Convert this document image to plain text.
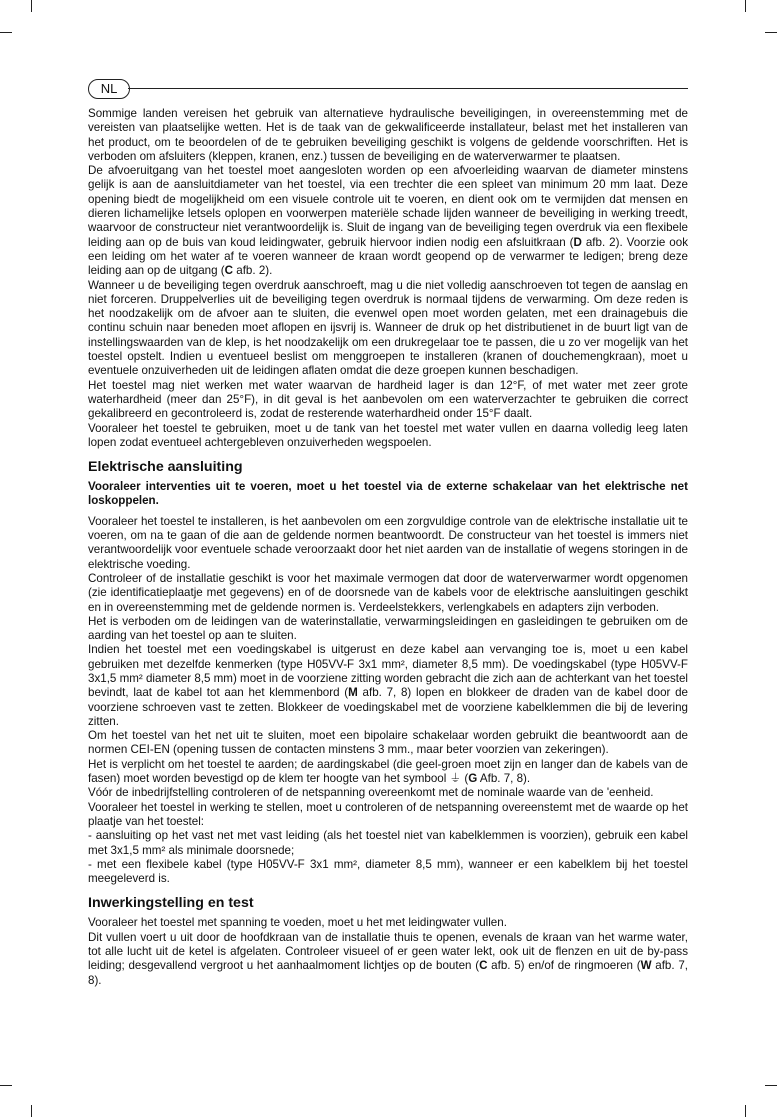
NL

Sommige landen vereisen het gebruik van alternatieve hydraulische beveiligingen, in overeenstemming met de vereisten van plaatselijke wetten. Het is de taak van de gekwalificeerde installateur, belast met het installeren van het product, om te beoordelen of de te gebruiken beveiliging geschikt is volgens de geldende voorschriften. Het is verboden om afsluiters (kleppen, kranen, enz.) tussen de beveiliging en de waterverwarmer te plaatsen.

De afvoeruitgang van het toestel moet aangesloten worden op een afvoerleiding waarvan de diameter minstens gelijk is aan de aansluitdiameter van het toestel, via een trechter die een spleet van minimum 20 mm laat. Deze opening biedt de mogelijkheid om een visuele controle uit te voeren, en dient ook om te vermijden dat mensen en dieren lichamelijke letsels oplopen en voorwerpen materiële schade lijden wanneer de beveiliging in werking treedt, waarvoor de constructeur niet verantwoordelijk is. Sluit de ingang van de beveiliging tegen overdruk via een flexibele leiding aan op de buis van koud leidingwater, gebruik hiervoor indien nodig een afsluitkraan (D afb. 2). Voorzie ook een leiding om het water af te voeren wanneer de kraan wordt geopend op de verwarmer te ledigen; breng deze leiding aan op de uitgang (C afb. 2).

Wanneer u de beveiliging tegen overdruk aanschroeft, mag u die niet volledig aanschroeven tot tegen de aanslag en niet forceren. Druppelverlies uit de beveiliging tegen overdruk is normaal tijdens de verwarming. Om deze reden is het noodzakelijk om de afvoer aan te sluiten, die evenwel open moet worden gelaten, met een drainagebuis die continu schuin naar beneden moet aflopen en ijsvrij is. Wanneer de druk op het distributienet in de buurt ligt van de instellingswaarden van de klep, is het noodzakelijk om een drukregelaar toe te passen, die u zo ver mogelijk van het toestel opstelt. Indien u eventueel beslist om menggroepen te installeren (kranen of douchemengkraan), moet u eventuele onzuiverheden uit de leidingen aflaten omdat die deze groepen kunnen beschadigen.

Het toestel mag niet werken met water waarvan de hardheid lager is dan 12°F, of met water met zeer grote waterhardheid (meer dan 25°F), in dit geval is het aanbevolen om een waterverzachter te gebruiken die correct gekalibreerd en gecontroleerd is, zodat de resterende waterhardheid onder 15°F daalt.

Vooraleer het toestel te gebruiken, moet u de tank van het toestel met water vullen en daarna volledig leeg laten lopen zodat eventueel achtergebleven onzuiverheden wegspoelen.

Elektrische aansluiting

Vooraleer interventies uit te voeren, moet u het toestel via de externe schakelaar van het elektrische net loskoppelen.

Vooraleer het toestel te installeren, is het aanbevolen om een zorgvuldige controle van de elektrische installatie uit te voeren, om na te gaan of die aan de geldende normen beantwoordt. De constructeur van het toestel is immers niet verantwoordelijk voor eventuele schade veroorzaakt door het niet aarden van de installatie of wegens storingen in de elektrische voeding.

Controleer of de installatie geschikt is voor het maximale vermogen dat door de waterverwarmer wordt opgenomen (zie identificatieplaatje met gegevens) en of de doorsnede van de kabels voor de elektrische aansluitingen geschikt en in overeenstemming met de geldende normen is. Verdeelstekkers, verlengkabels en adapters zijn verboden.

Het is verboden om de leidingen van de waterinstallatie, verwarmingsleidingen en gasleidingen te gebruiken om de aarding van het toestel op aan te sluiten.

Indien het toestel met een voedingskabel is uitgerust en deze kabel aan vervanging toe is, moet u een kabel gebruiken met dezelfde kenmerken (type H05VV-F 3x1 mm², diameter 8,5 mm). De voedingskabel (type H05VV-F 3x1,5 mm² diameter 8,5 mm) moet in de voorziene zitting worden gebracht die zich aan de achterkant van het toestel bevindt, laat de kabel tot aan het klemmenbord (M afb. 7, 8) lopen en blokkeer de draden van de kabel door de voorziene schroeven vast te zetten. Blokkeer de voedingskabel met de voorziene kabelklemmen die bij de levering zitten.

Om het toestel van het net uit te sluiten, moet een bipolaire schakelaar worden gebruikt die beantwoordt aan de normen CEI-EN (opening tussen de contacten minstens 3 mm., maar beter voorzien van zekeringen).

Het is verplicht om het toestel te aarden; de aardingskabel (die geel-groen moet zijn en langer dan de kabels van de fasen) moet worden bevestigd op de klem ter hoogte van het symbool ⏚ (G Afb. 7, 8).

Vóór de inbedrijfstelling controleren of de netspanning overeenkomt met de nominale waarde van de 'eenheid.

Vooraleer het toestel in werking te stellen, moet u controleren of de netspanning overeenstemt met de waarde op het plaatje van het toestel:

- aansluiting op het vast net met vast leiding (als het toestel niet van kabelklemmen is voorzien), gebruik een kabel met 3x1,5 mm² als minimale doorsnede;

- met een flexibele kabel (type H05VV-F 3x1 mm², diameter 8,5 mm), wanneer er een kabelklem bij het toestel meegeleverd is.

Inwerkingstelling en test

Vooraleer het toestel met spanning te voeden, moet u het met leidingwater vullen.

Dit vullen voert u uit door de hoofdkraan van de installatie thuis te openen, evenals de kraan van het warme water, tot alle lucht uit de ketel is afgelaten. Controleer visueel of er geen water lekt, ook uit de flenzen en uit de by-pass leiding; desgevallend vergroot u het aanhaalmoment lichtjes op de bouten (C afb. 5) en/of de ringmoeren (W afb. 7, 8).
